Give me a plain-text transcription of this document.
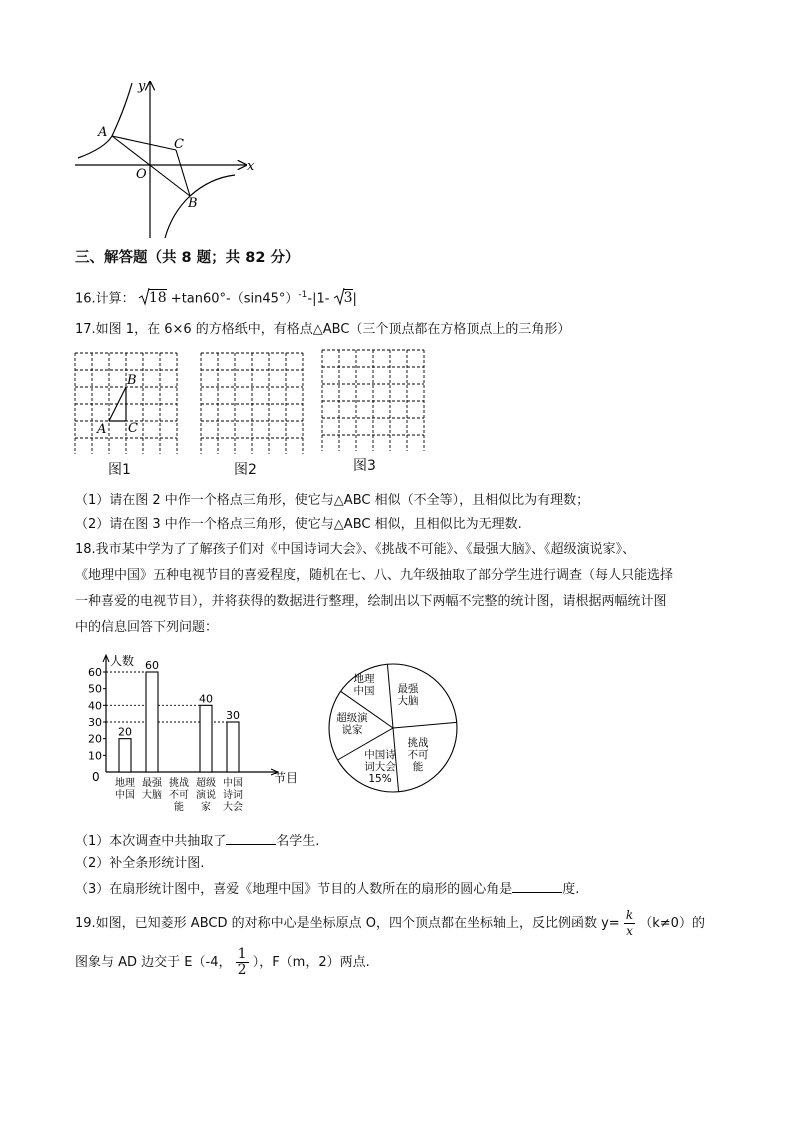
y
x
O
A
C
B
三、解答题（共 8 题；共 82 分）
16.计算： $18 +\tan 60^\circ-(\sin 45^\circ)^{-1}-|1-$ 3|
17.如图 1，在 6×6 的方格纸中，有格点△ABC（三个顶点都在方格顶点上的三角形）
A
B
C
图1	图2	图3
（1）请在图 2 中作一个格点三角形，使它与△ABC 相似（不全等），且相似比为有理数；
（2）请在图 3 中作一个格点三角形，使它与△ABC 相似，且相似比为无理数.
18.我市某中学为了了解孩子们对《中国诗词大会》、《挑战不可能》、《最强大脑》、《超级演说家》、
《地理中国》五种电视节目的喜爱程度，随机在七、八、九年级抽取了部分学生进行调查（每人只能选择
一种喜爱的电视节目），并将获得的数据进行整理，绘制出以下两幅不完整的统计图，请根据两幅统计图
中的信息回答下列问题：
人数
节目
0
60
50
40
30
20
10
20
地理
中国
60
最强
大脑
挑战
不可
能
40
超级
演说
家
30
中国
诗词
大会
地理
中国 最强
大脑
挑战
不可
能
中国诗
词大会
15%
超级演
说家
（1）本次调查中共抽取了	名学生.
（2）补全条形统计图.
（3）在扇形统计图中，喜爱《地理中国》节目的人数所在的扇形的圆心角是	度.
19.如图，已知菱形 ABCD 的对称中心是坐标原点 O，四个顶点都在坐标轴上，反比例函数 $y= \frac{k}{x} (k\ne 0)$的
图象与 AD 边交于 E（-4， $\frac{1}{2}$ ），F（m，2）两点.
